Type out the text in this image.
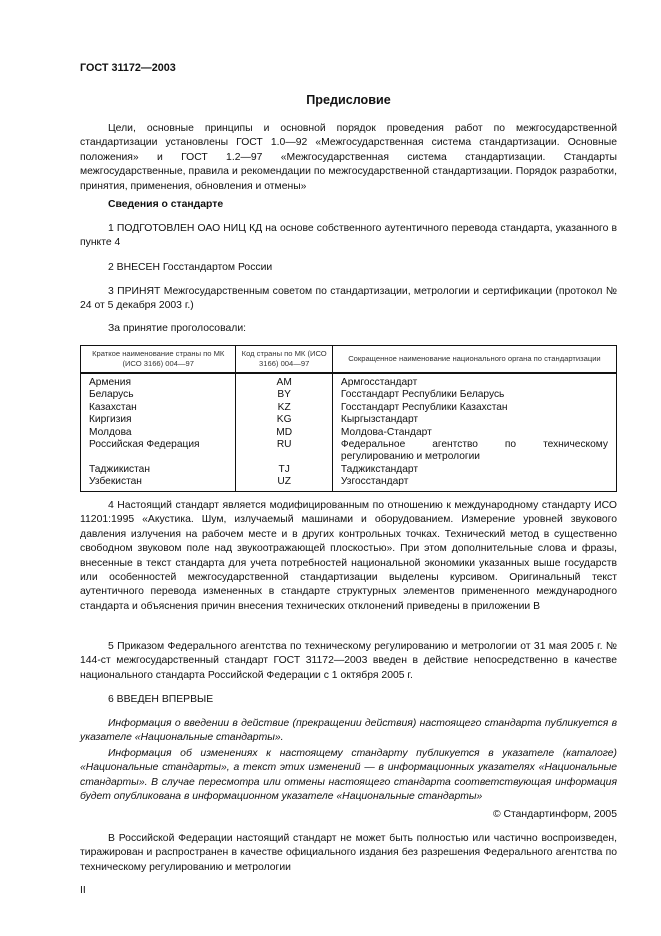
ГОСТ 31172—2003
Предисловие

Цели, основные принципы и основной порядок проведения работ по межгосударственной стандартизации установлены ГОСТ 1.0—92 «Межгосударственная система стандартизации. Основные положения» и ГОСТ 1.2—97 «Межгосударственная система стандартизации. Стандарты межгосударственные, правила и рекомендации по межгосударственной стандартизации. Порядок разработки, принятия, применения, обновления и отмены»

Сведения о стандарте

1 ПОДГОТОВЛЕН ОАО НИЦ КД на основе собственного аутентичного перевода стандарта, указанного в пункте 4

2 ВНЕСЕН Госстандартом России

3 ПРИНЯТ Межгосударственным советом по стандартизации, метрологии и сертификации (протокол № 24 от 5 декабря 2003 г.)

За принятие проголосовали:

Краткое наименование страны по МК (ИСО 3166) 004—97	Код страны по МК (ИСО 3166) 004—97	Сокращенное наименование национального органа по стандартизации
Армения	AM	Армгосстандарт
Беларусь	BY	Госстандарт Республики Беларусь
Казахстан	KZ	Госстандарт Республики Казахстан
Киргизия	KG	Кыргызстандарт
Молдова	MD	Молдова-Стандарт
Российская Федерация	RU	Федеральное агентство по техническому регулированию и метрологии
Таджикистан	TJ	Таджикстандарт
Узбекистан	UZ	Узгосстандарт

4 Настоящий стандарт является модифицированным по отношению к международному стандарту ИСО 11201:1995 «Акустика. Шум, излучаемый машинами и оборудованием. Измерение уровней звукового давления излучения на рабочем месте и в других контрольных точках. Технический метод в существенно свободном звуковом поле над звукоотражающей плоскостью». При этом дополнительные слова и фразы, внесенные в текст стандарта для учета потребностей национальной экономики указанных выше государств или особенностей межгосударственной стандартизации выделены курсивом. Оригинальный текст аутентичного перевода измененных в стандарте структурных элементов примененного международного стандарта и объяснения причин внесения технических отклонений приведены в приложении В

5 Приказом Федерального агентства по техническому регулированию и метрологии от 31 мая 2005 г. № 144-ст межгосударственный стандарт ГОСТ 31172—2003 введен в действие непосредственно в качестве национального стандарта Российской Федерации с 1 октября 2005 г.

6 ВВЕДЕН ВПЕРВЫЕ

Информация о введении в действие (прекращении действия) настоящего стандарта публикуется в указателе «Национальные стандарты».

Информация об изменениях к настоящему стандарту публикуется в указателе (каталоге) «Национальные стандарты», а текст этих изменений — в информационных указателях «Национальные стандарты». В случае пересмотра или отмены настоящего стандарта соответствующая информация будет опубликована в информационном указателе «Национальные стандарты»

© Стандартинформ, 2005

В Российской Федерации настоящий стандарт не может быть полностью или частично воспроизведен, тиражирован и распространен в качестве официального издания без разрешения Федерального агентства по техническому регулированию и метрологии

II
